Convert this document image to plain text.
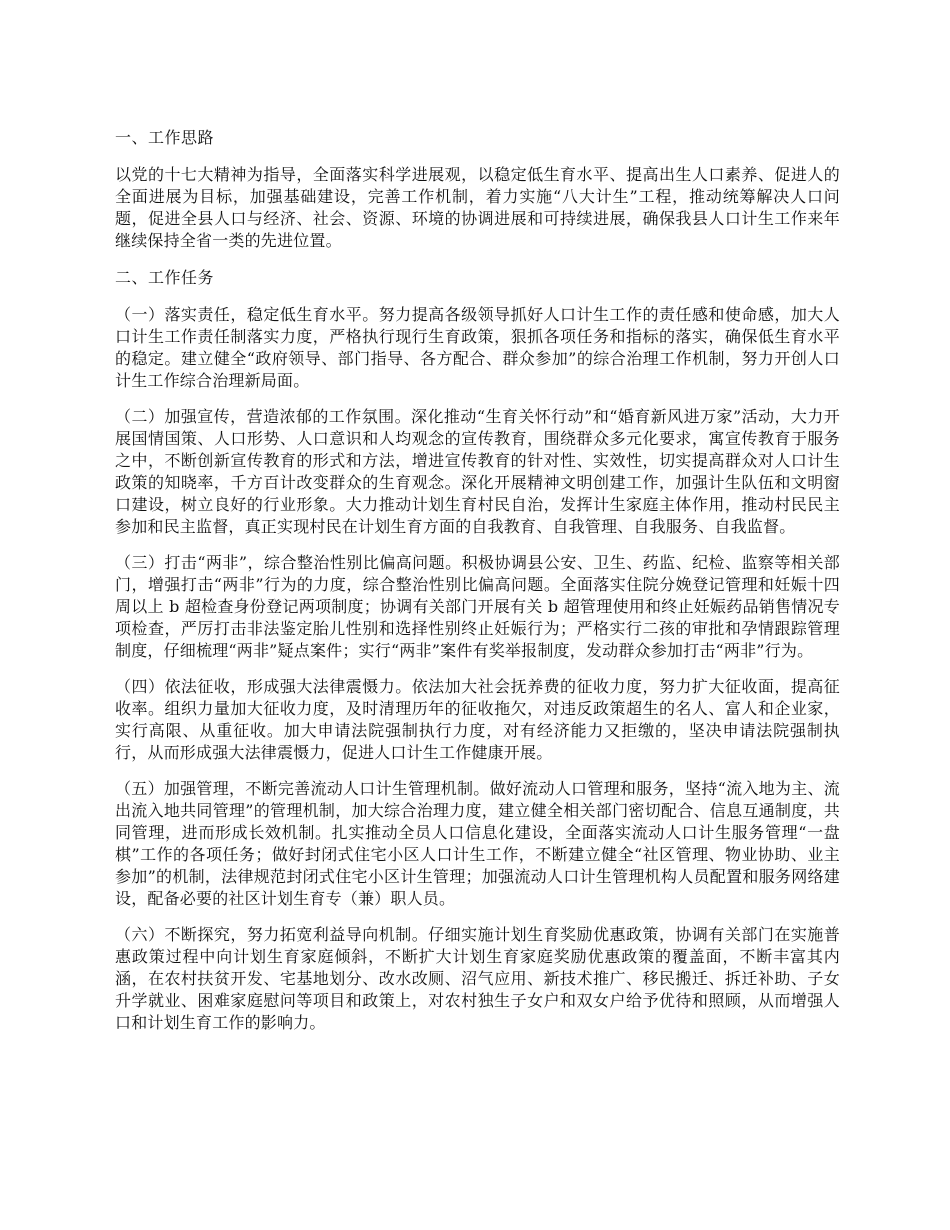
一、工作思路

以党的十七大精神为指导，全面落实科学进展观，以稳定低生育水平、提高出生人口素养、促进人的全面进展为目标，加强基础建设，完善工作机制，着力实施“八大计生”工程，推动统筹解决人口问题，促进全县人口与经济、社会、资源、环境的协调进展和可持续进展，确保我县人口计生工作来年继续保持全省一类的先进位置。

二、工作任务

（一）落实责任，稳定低生育水平。努力提高各级领导抓好人口计生工作的责任感和使命感，加大人口计生工作责任制落实力度，严格执行现行生育政策，狠抓各项任务和指标的落实，确保低生育水平的稳定。建立健全“政府领导、部门指导、各方配合、群众参加”的综合治理工作机制，努力开创人口计生工作综合治理新局面。

（二）加强宣传，营造浓郁的工作氛围。深化推动“生育关怀行动”和“婚育新风进万家”活动，大力开展国情国策、人口形势、人口意识和人均观念的宣传教育，围绕群众多元化要求，寓宣传教育于服务之中，不断创新宣传教育的形式和方法，增进宣传教育的针对性、实效性，切实提高群众对人口计生政策的知晓率，千方百计改变群众的生育观念。深化开展精神文明创建工作，加强计生队伍和文明窗口建设，树立良好的行业形象。大力推动计划生育村民自治，发挥计生家庭主体作用，推动村民民主参加和民主监督，真正实现村民在计划生育方面的自我教育、自我管理、自我服务、自我监督。

（三）打击“两非”，综合整治性别比偏高问题。积极协调县公安、卫生、药监、纪检、监察等相关部门，增强打击“两非”行为的力度，综合整治性别比偏高问题。全面落实住院分娩登记管理和妊娠十四周以上 b 超检查身份登记两项制度；协调有关部门开展有关 b 超管理使用和终止妊娠药品销售情况专项检查，严厉打击非法鉴定胎儿性别和选择性别终止妊娠行为；严格实行二孩的审批和孕情跟踪管理制度，仔细梳理“两非”疑点案件；实行“两非”案件有奖举报制度，发动群众参加打击“两非”行为。

（四）依法征收，形成强大法律震慑力。依法加大社会抚养费的征收力度，努力扩大征收面，提高征收率。组织力量加大征收力度，及时清理历年的征收拖欠，对违反政策超生的名人、富人和企业家，实行高限、从重征收。加大申请法院强制执行力度，对有经济能力又拒缴的，坚决申请法院强制执行，从而形成强大法律震慑力，促进人口计生工作健康开展。

（五）加强管理，不断完善流动人口计生管理机制。做好流动人口管理和服务，坚持“流入地为主、流出流入地共同管理”的管理机制，加大综合治理力度，建立健全相关部门密切配合、信息互通制度，共同管理，进而形成长效机制。扎实推动全员人口信息化建设，全面落实流动人口计生服务管理“一盘棋”工作的各项任务；做好封闭式住宅小区人口计生工作，不断建立健全“社区管理、物业协助、业主参加”的机制，法律规范封闭式住宅小区计生管理；加强流动人口计生管理机构人员配置和服务网络建设，配备必要的社区计划生育专（兼）职人员。

（六）不断探究，努力拓宽利益导向机制。仔细实施计划生育奖励优惠政策，协调有关部门在实施普惠政策过程中向计划生育家庭倾斜，不断扩大计划生育家庭奖励优惠政策的覆盖面，不断丰富其内涵，在农村扶贫开发、宅基地划分、改水改厕、沼气应用、新技术推广、移民搬迁、拆迁补助、子女升学就业、困难家庭慰问等项目和政策上，对农村独生子女户和双女户给予优待和照顾，从而增强人口和计划生育工作的影响力。
